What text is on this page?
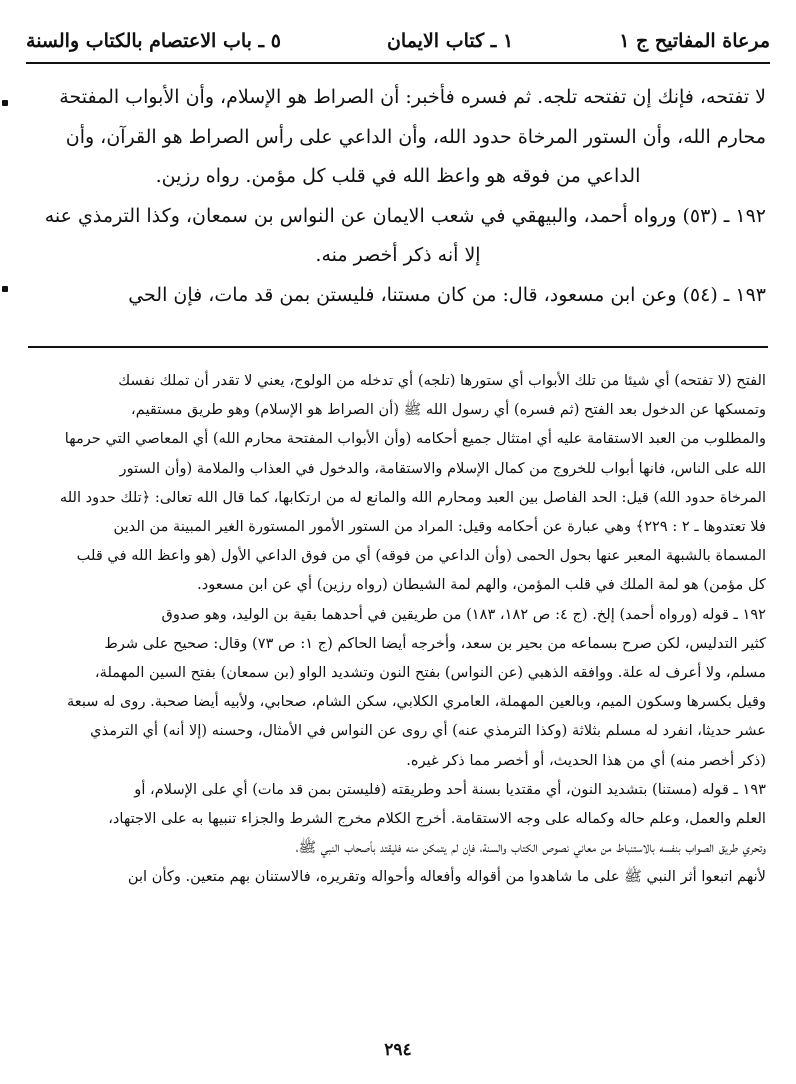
مرعاة المفاتيح ج ١
١ ـ كتاب الايمان
٥ ـ باب الاعتصام بالكتاب والسنة

لا تفتحه، فإنك إن تفتحه تلجه. ثم فسره فأخبر: أن الصراط هو الإسلام، وأن الأبواب المفتحة

محارم الله، وأن الستور المرخاة حدود الله، وأن الداعي على رأس الصراط هو القرآن، وأن

الداعي من فوقه هو واعظ الله في قلب كل مؤمن. رواه رزين.

١٩٢ ـ (٥٣) ورواه أحمد، والبيهقي في شعب الايمان عن النواس بن سمعان، وكذا الترمذي عنه

إلا أنه ذكر أخصر منه.

١٩٣ ـ (٥٤) وعن ابن مسعود، قال: من كان مستنا، فليستن بمن قد مات، فإن الحي

الفتح (لا تفتحه) أي شيئا من تلك الأبواب أي ستورها (تلجه) أي تدخله من الولوج، يعني لا تقدر أن تملك نفسك

وتمسكها عن الدخول بعد الفتح (ثم فسره) أي رسول الله ﷺ (أن الصراط هو الإسلام) وهو طريق مستقيم،

والمطلوب من العبد الاستقامة عليه أي امتثال جميع أحكامه (وأن الأبواب المفتحة محارم الله) أي المعاصي التي حرمها

الله على الناس، فانها أبواب للخروج من كمال الإسلام والاستقامة، والدخول في العذاب والملامة (وأن الستور

المرخاة حدود الله) قيل: الحد الفاصل بين العبد ومحارم الله والمانع له من ارتكابها، كما قال الله تعالى: ﴿تلك حدود الله

فلا تعتدوها ـ ٢ : ٢٢٩﴾ وهي عبارة عن أحكامه وقيل: المراد من الستور الأمور المستورة الغير المبينة من الدين

المسماة بالشبهة المعبر عنها بحول الحمى (وأن الداعي من فوقه) أي من فوق الداعي الأول (هو واعظ الله في قلب

كل مؤمن) هو لمة الملك في قلب المؤمن، والهم لمة الشيطان (رواه رزين) أي عن ابن مسعود.

١٩٢ ـ قوله (ورواه أحمد) إلخ. (ج ٤: ص ١٨٢، ١٨٣) من طريقين في أحدهما بقية بن الوليد، وهو صدوق

كثير التدليس، لكن صرح بسماعه من بحير بن سعد، وأخرجه أيضا الحاكم (ج ١: ص ٧٣) وقال: صحيح على شرط

مسلم، ولا أعرف له علة. ووافقه الذهبي (عن النواس) بفتح النون وتشديد الواو (بن سمعان) بفتح السين المهملة،

وقيل بكسرها وسكون الميم، وبالعين المهملة، العامري الكلابي، سكن الشام، صحابي، ولأبيه أيضا صحبة. روى له سبعة

عشر حديثا، انفرد له مسلم بثلاثة (وكذا الترمذي عنه) أي روى عن النواس في الأمثال، وحسنه (إلا أنه) أي الترمذي

(ذكر أخصر منه) أي من هذا الحديث، أو أخصر مما ذكر غيره.

١٩٣ ـ قوله (مستنا) بتشديد النون، أي مقتديا بسنة أحد وطريقته (فليستن بمن قد مات) أي على الإسلام، أو

العلم والعمل، وعلم حاله وكماله على وجه الاستقامة. أخرج الكلام مخرج الشرط والجزاء تنبيها به على الاجتهاد،

وتحري طريق الصواب بنفسه بالاستنباط من معاني نصوص الكتاب والسنة، فإن لم يتمكن منه فليقتد بأصحاب النبي ﷺ،

لأنهم اتبعوا أثر النبي ﷺ على ما شاهدوا من أقواله وأفعاله وأحواله وتقريره، فالاستنان بهم متعين. وكأن ابن

٢٩٤
